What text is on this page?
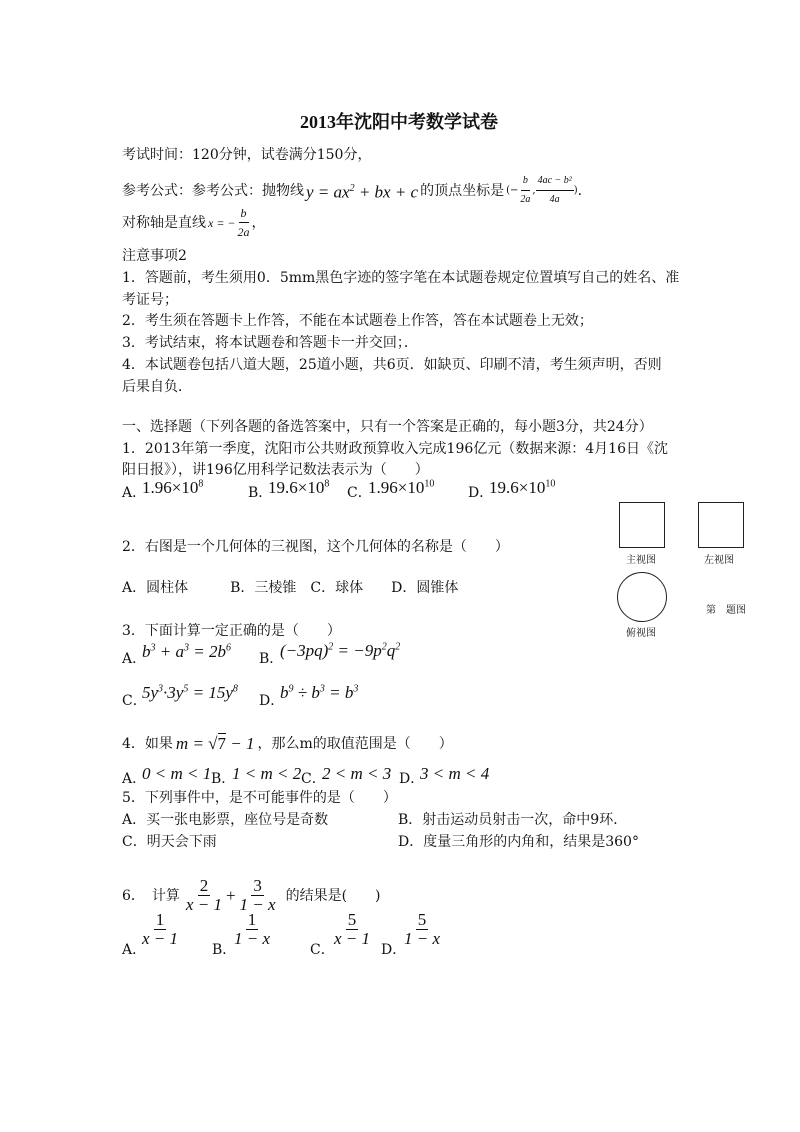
2013年沈阳中考数学试卷
考试时间：120分钟，试卷满分150分，
参考公式：参考公式：抛物线 $y = ax^2$ + bx + c 的顶点坐标是 (− $\frac{b}{2a}$ , $\frac{\text{4ac − b²}}{4a}$ ) .
对称轴是直线 x = − $\frac{b}{2a}$ ，
注意事项2
1．答题前，考生须用0．5mm黑色字迹的签字笔在本试题卷规定位置填写自己的姓名、准
考证号；
2．考生须在答题卡上作答，不能在本试题卷上作答，答在本试题卷上无效；
3．考试结束，将本试题卷和答题卡一并交回；．
4．本试题卷包括八道大题，25道小题，共6页．如缺页、印刷不清，考生须声明，否则
后果自负．
一、选择题（下列各题的备选答案中，只有一个答案是正确的，每小题3分，共24分）
1．2013年第一季度，沈阳市公共财政预算收入完成196亿元（数据来源：4月16日《沈
阳日报》），讲196亿用科学记数法表示为（　　）
A．
$1.96\times 10^8$
B．
$19.6\times 10^8$
C．
$1.96\times 10^{10}$
D．
$19.6\times 10^{10}$
2．右图是一个几何体的三视图，这个几何体的名称是（　　）
A．圆柱体　　　B．三棱锥　C．球体　　D．圆锥体
主视图	左视图
俯视图
第　题图
3．下面计算一定正确的是（　　）
A．
$b^3 + a^3 = 2b^6$
B．
$(-3pq)^2 = -9p^2q^2$
C．
$5y^3\cdot 3y^5 = 15y^8$
D．
$b^9 \div b^3 = b^3$
4．如果 m = √7 − 1 ，那么m的取值范围是（　　）
A．
0 < m < 1 B．
1 < m < 2 C．
2 < m < 3 D．
3 < m < 4
5．下列事件中，是不可能事件的是（　　）
A．买一张电影票，座位号是奇数	B．射击运动员射击一次，命中9环．
C．明天会下雨	D．度量三角形的内角和，结果是360°
6．　计算 $\frac{2}{x - 1} + \frac{3}{1 - x}$ 的结果是(　　)
A．
$\frac{1}{x - 1}$
B．
$\frac{1}{1 - x}$
C．
$\frac{5}{x - 1}$
D．
$\frac{5}{1 - x}$
